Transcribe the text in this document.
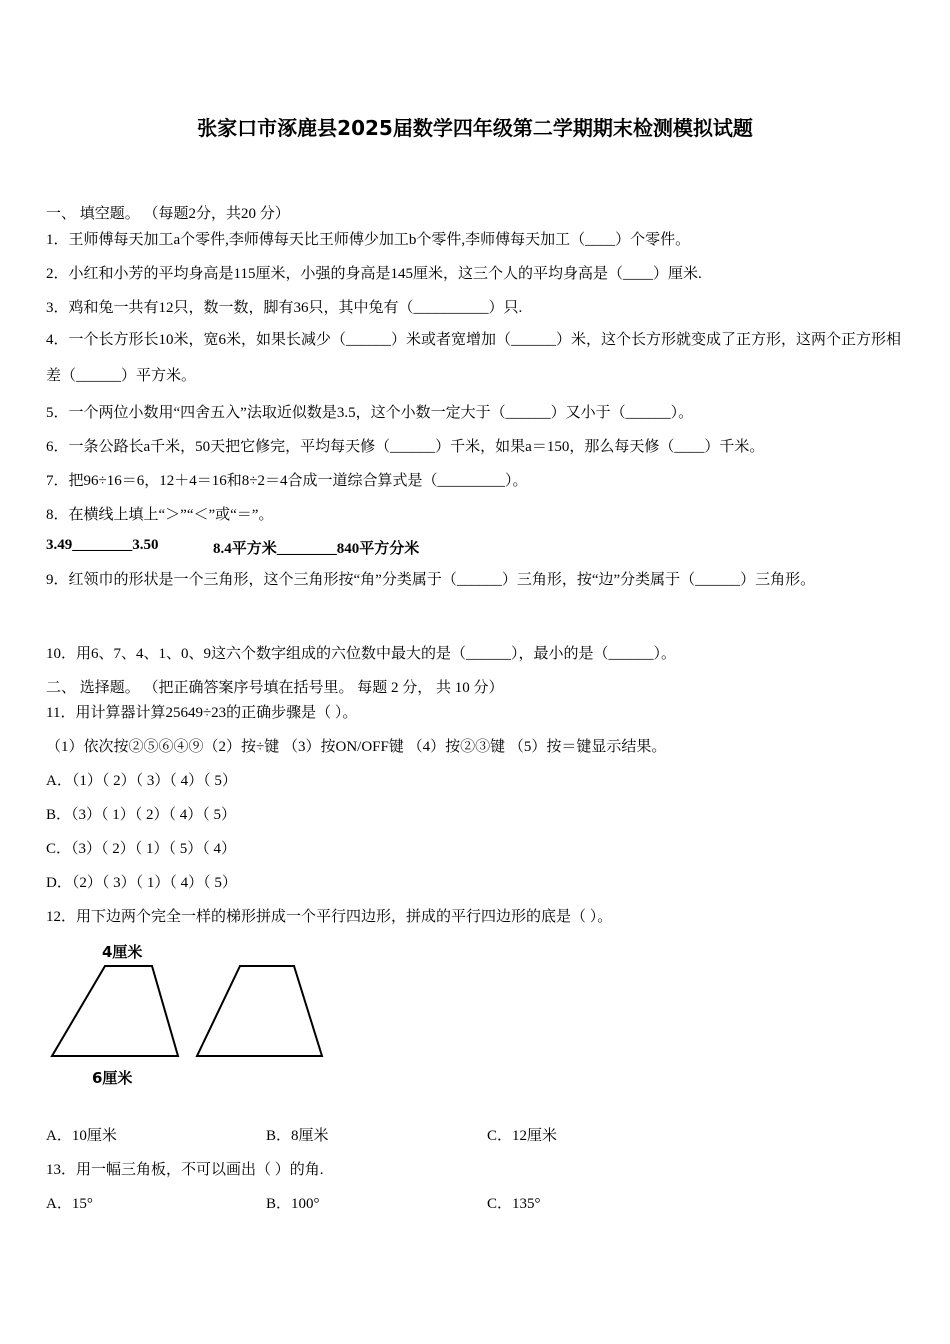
张家口市涿鹿县2025届数学四年级第二学期期末检测模拟试题
一、 填空题。 （每题2分，共20 分）
1．王师傅每天加工a个零件,李师傅每天比王师傅少加工b个零件,李师傅每天加工（____）个零件。
2．小红和小芳的平均身高是115厘米，小强的身高是145厘米，这三个人的平均身高是（____）厘米.
3．鸡和兔一共有12只，数一数，脚有36只，其中兔有（__________）只.
4．一个长方形长10米，宽6米，如果长减少（______）米或者宽增加（______）米，这个长方形就变成了正方形，这两个正方形相差（______）平方米。
5．一个两位小数用“四舍五入”法取近似数是3.5，这个小数一定大于（______）又小于（______）。
6．一条公路长a千米，50天把它修完，平均每天修（______）千米，如果a＝150，那么每天修（____）千米。
7．把96÷16＝6，12＋4＝16和8÷2＝4合成一道综合算式是（_________）。
8．在横线上填上“＞”“＜”或“＝”。
3.49________3.50	8.4平方米________840平方分米
9．红领巾的形状是一个三角形，这个三角形按“角”分类属于（______）三角形，按“边”分类属于（______）三角形。
10．用6、7、4、1、0、9这六个数字组成的六位数中最大的是（______），最小的是（______）。
二、 选择题。 （把正确答案序号填在括号里。 每题 2 分， 共 10 分）
11．用计算器计算25649÷23的正确步骤是（ ）。
（1）依次按②⑤⑥④⑨（2）按÷键 （3）按ON/OFF键 （4）按②③键 （5）按＝键显示结果。
A．（1）（ 2）（ 3）（ 4）（ 5）
B．（3）（ 1）（ 2）（ 4）（ 5）
C．（3）（ 2）（ 1）（ 5）（ 4）
D．（2）（ 3）（ 1）（ 4）（ 5）
12．用下边两个完全一样的梯形拼成一个平行四边形，拼成的平行四边形的底是（ ）。
4厘米
6厘米
A．10厘米	B．8厘米	C．12厘米
13．用一幅三角板，不可以画出（ ）的角.
A．15°	B．100°	C．135°
